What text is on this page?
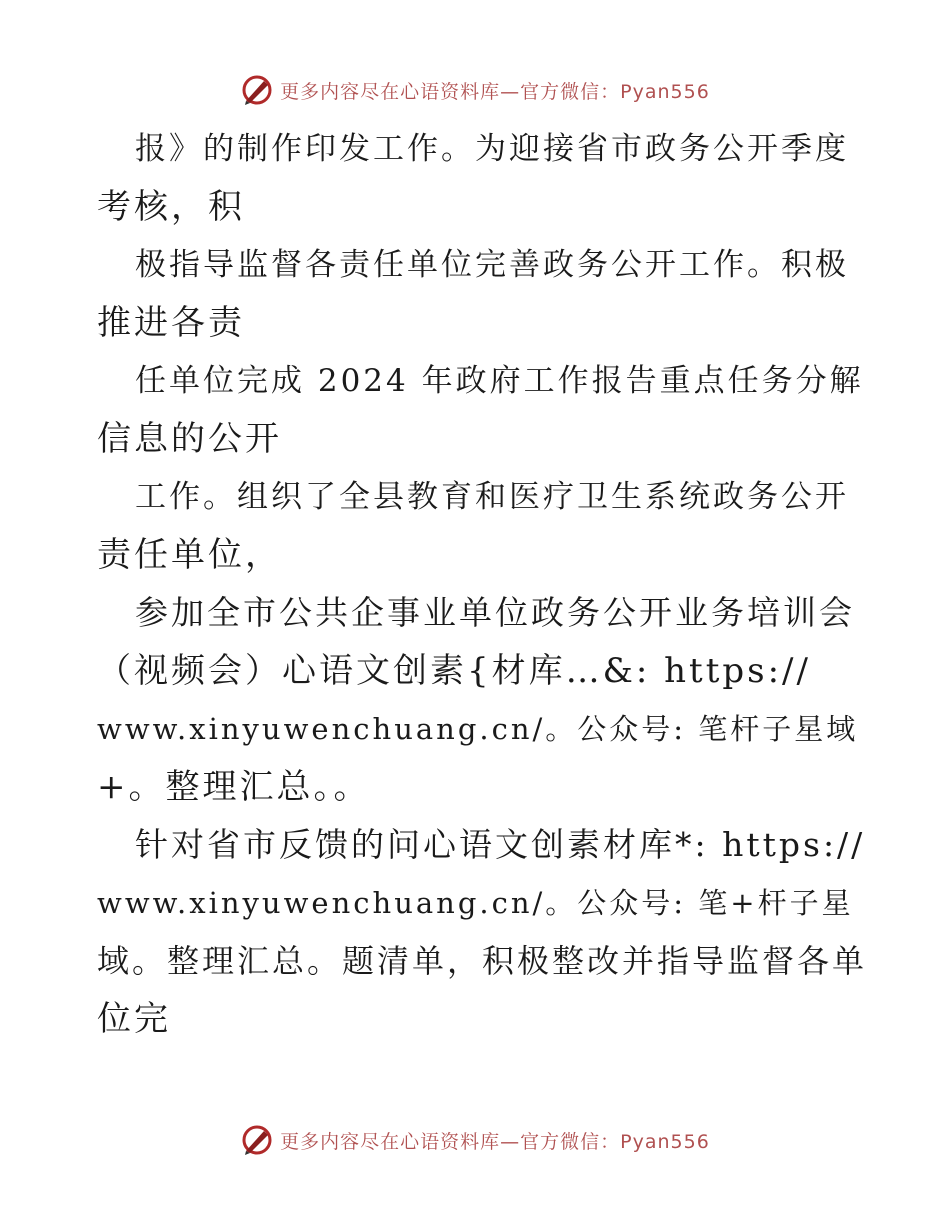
更多内容尽在心语资料库—官方微信：Pyan556
报》的制作印发工作。为迎接省市政务公开季度
考核，积
极指导监督各责任单位完善政务公开工作。积极
推进各责
任单位完成 2024 年政府工作报告重点任务分解
信息的公开
工作。组织了全县教育和医疗卫生系统政务公开
责任单位，
参加全市公共企事业单位政务公开业务培训会
（视频会）心语文创素{材库…&: https://
www.xinyuwenchuang.cn/。公众号: 笔杆子星域
+。整理汇总。。
针对省市反馈的问心语文创素材库*: https://
www.xinyuwenchuang.cn/。公众号: 笔+杆子星
域。整理汇总。题清单，积极整改并指导监督各单
位完
更多内容尽在心语资料库—官方微信：Pyan556
